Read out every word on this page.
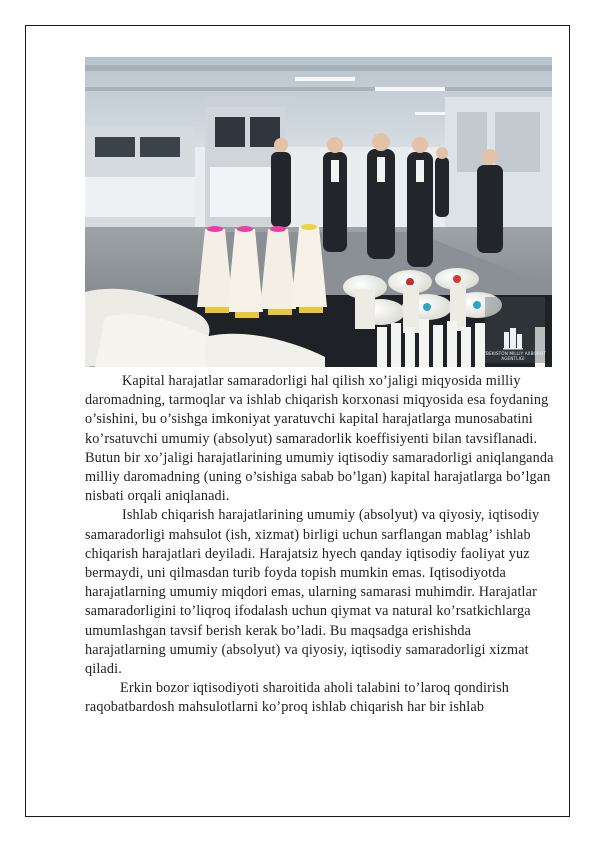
UZBEKISTON MILLIY AXBOROT
AGENTLIGI

Kapital harajatlar samaradorligi hal qilish xo’jaligi miqyosida milliy daromadning, tarmoqlar va ishlab chiqarish korxonasi miqyosida esa foydaning o’sishini, bu o’sishga imkoniyat yaratuvchi kapital harajatlarga munosabatini ko’rsatuvchi umumiy (absolyut) samaradorlik koeffisiyenti bilan tavsiflanadi. Butun bir xo’jaligi harajatlarining umumiy iqtisodiy samaradorligi aniqlanganda milliy daromadning (uning o’sishiga sabab bo’lgan) kapital harajatlarga bo’lgan nisbati orqali aniqlanadi.

Ishlab chiqarish harajatlarining umumiy (absolyut) va qiyosiy, iqtisodiy samaradorligi mahsulot (ish, xizmat) birligi uchun sarflangan mablag’ ishlab chiqarish harajatlari deyiladi. Harajatsiz hyech qanday iqtisodiy faoliyat yuz bermaydi, uni qilmasdan turib foyda topish mumkin emas. Iqtisodiyotda harajatlarning umumiy miqdori emas, ularning samarasi muhimdir. Harajatlar samaradorligini to’liqroq ifodalash uchun qiymat va natural ko’rsatkichlarga umumlashgan tavsif berish kerak bo’ladi. Bu maqsadga erishishda harajatlarning umumiy (absolyut) va qiyosiy, iqtisodiy samaradorligi xizmat qiladi.

Erkin bozor iqtisodiyoti sharoitida aholi talabini to’laroq qondirish raqobatbardosh mahsulotlarni ko’proq ishlab chiqarish har bir ishlab
